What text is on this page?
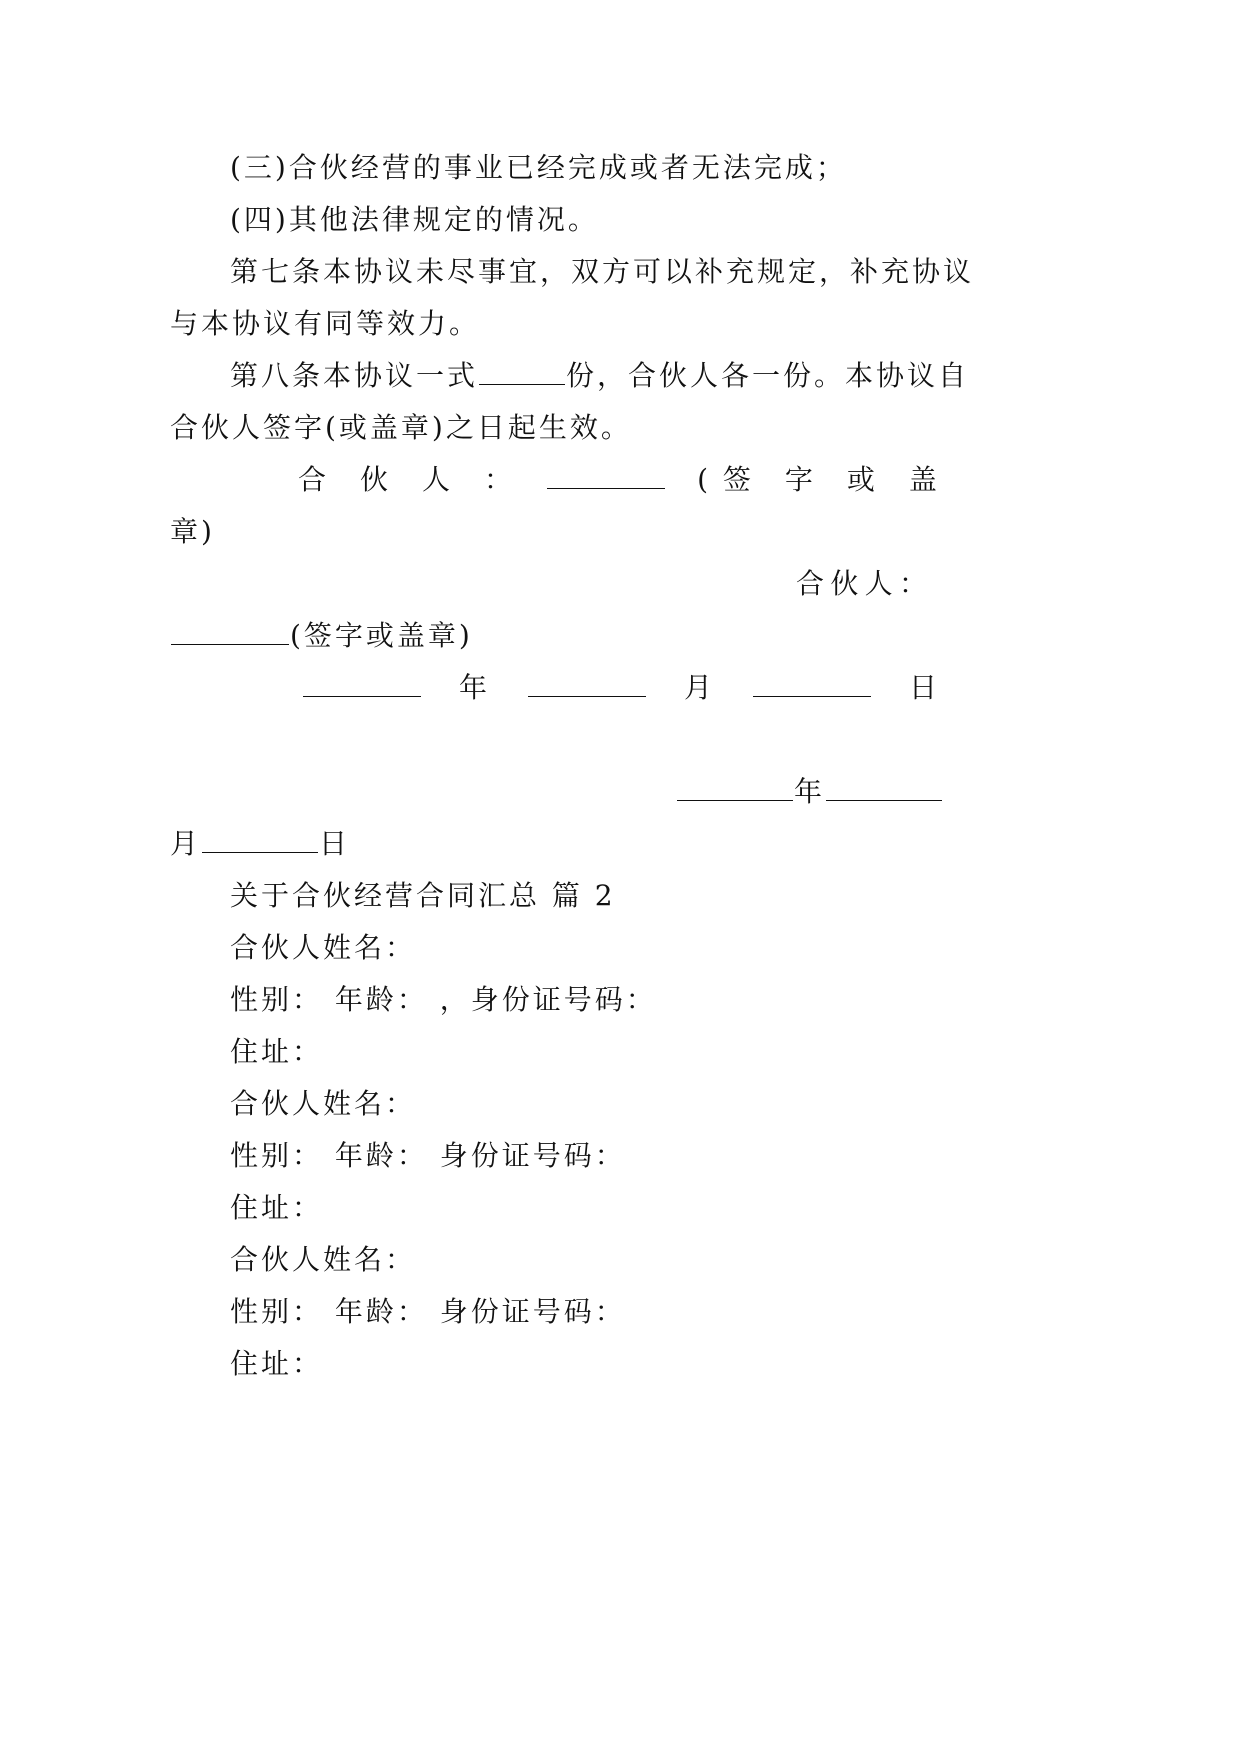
(三)合伙经营的事业已经完成或者无法完成；
(四)其他法律规定的情况。
第七条本协议未尽事宜，双方可以补充规定，补充协议
与本协议有同等效力。
第八条本协议一式	份，合伙人各一份。本协议自
合伙人签字(或盖章)之日起生效。
合 伙 人 ：	( 签 字 或 盖
章)
合 伙 人 ：
(签字或盖章)
年	月	日
年
月	日
关于合伙经营合同汇总 篇 2
合伙人姓名：
性别： 年龄： ，身份证号码：
住址：
合伙人姓名：
性别： 年龄： 身份证号码：
住址：
合伙人姓名：
性别： 年龄： 身份证号码：
住址：
